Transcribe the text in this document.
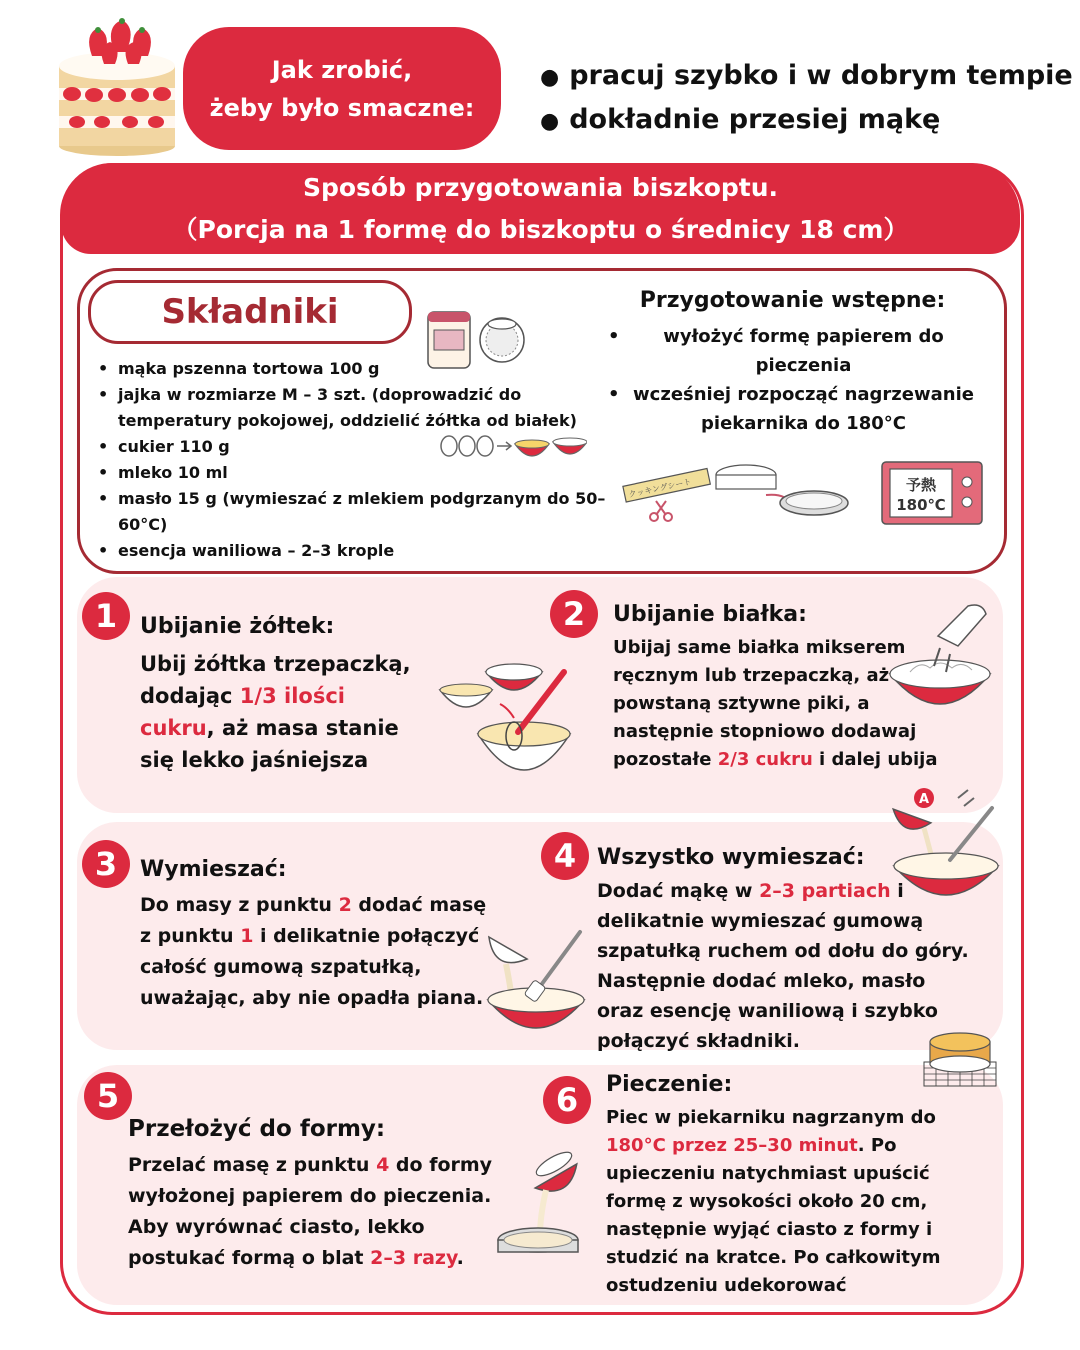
Jak zrobić,
żeby było smaczne:
● pracuj szybko i w dobrym tempie
● dokładnie przesiej mąkę
Sposób przygotowania biszkoptu.
（Porcja na 1 formę do biszkoptu o średnicy 18 cm）
Składniki
• mąka pszenna tortowa 100 g
• jajka w rozmiarze M – 3 szt. (doprowadzić do temperatury pokojowej, oddzielić żółtka od białek)
• cukier 110 g
• mleko 10 ml
• masło 15 g (wymieszać z mlekiem podgrzanym do 50–60°C)
• esencja waniliowa – 2–3 krople
Przygotowanie wstępne:
• wyłożyć formę papierem do pieczenia
• wcześniej rozpocząć nagrzewanie piekarnika do 180°C
クッキングシート	予熱
180℃
1	Ubijanie żółtek:
Ubij żółtka trzepaczką, dodając 1/3 ilości cukru, aż masa stanie się lekko jaśniejsza
2	Ubijanie białka:
Ubijaj same białka mikserem ręcznym lub trzepaczką, aż powstaną sztywne piki, a następnie stopniowo dodawaj pozostałe 2/3 cukru i dalej ubija
3	Wymieszać:
Do masy z punktu 2 dodać masę z punktu 1 i delikatnie połączyć całość gumową szpatułką, uważając, aby nie opadła piana.
4 Wszystko wymieszać:
Dodać mąkę w 2–3 partiach i delikatnie wymieszać gumową szpatułką ruchem od dołu do góry. Następnie dodać mleko, masło oraz esencję waniliową i szybko połączyć składniki.
A
5
Przełożyć do formy:
Przelać masę z punktu 4 do formy wyłożonej papierem do pieczenia. Aby wyrównać ciasto, lekko postukać formą o blat 2–3 razy.
6	Pieczenie:
Piec w piekarniku nagrzanym do 180°C przez 25–30 minut. Po upieczeniu natychmiast upuścić formę z wysokości około 20 cm, następnie wyjąć ciasto z formy i studzić na kratce. Po całkowitym ostudzeniu udekorować
